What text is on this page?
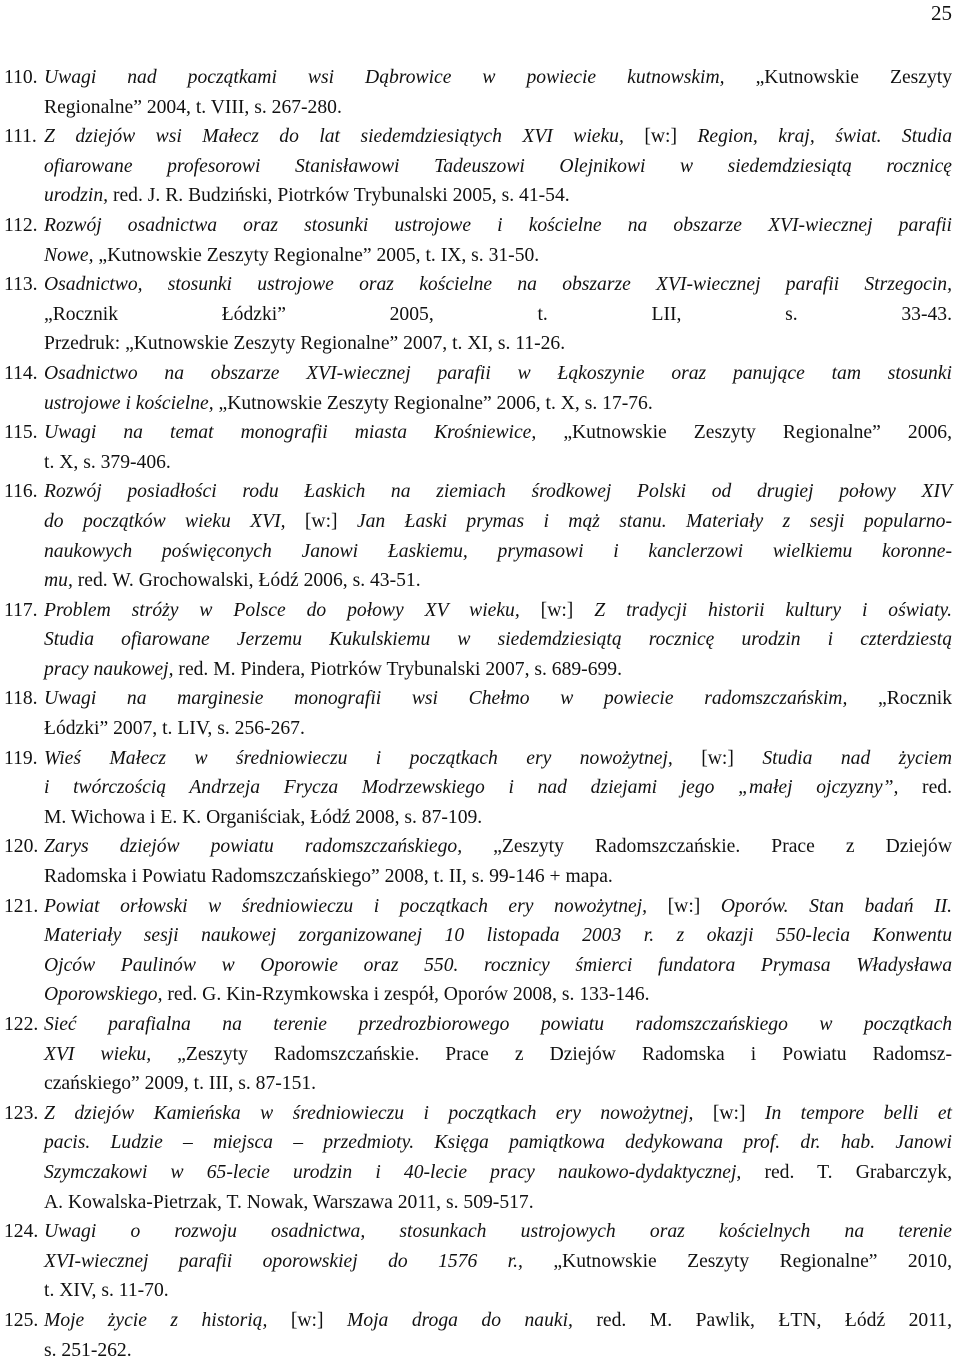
25
110. Uwagi nad początkami wsi Dąbrowice w powiecie kutnowskim, „Kutnowskie Zeszyty
Regionalne” 2004, t. VIII, s. 267-280.
111. Z dziejów wsi Małecz do lat siedemdziesiątych XVI wieku, [w:] Region, kraj, świat. Studia
ofiarowane profesorowi Stanisławowi Tadeuszowi Olejnikowi w siedemdziesiątą rocznicę
urodzin, red. J. R. Budziński, Piotrków Trybunalski 2005, s. 41-54.
112. Rozwój osadnictwa oraz stosunki ustrojowe i kościelne na obszarze XVI-wiecznej parafii
Nowe, „Kutnowskie Zeszyty Regionalne” 2005, t. IX, s. 31-50.
113. Osadnictwo, stosunki ustrojowe oraz kościelne na obszarze XVI-wiecznej parafii Strzegocin,
„Rocznik Łódzki” 2005, t. LII, s. 33-43.
Przedruk: „Kutnowskie Zeszyty Regionalne” 2007, t. XI, s. 11-26.
114. Osadnictwo na obszarze XVI-wiecznej parafii w Łąkoszynie oraz panujące tam stosunki
ustrojowe i kościelne, „Kutnowskie Zeszyty Regionalne” 2006, t. X, s. 17-76.
115. Uwagi na temat monografii miasta Krośniewice, „Kutnowskie Zeszyty Regionalne” 2006,
t. X, s. 379-406.
116. Rozwój posiadłości rodu Łaskich na ziemiach środkowej Polski od drugiej połowy XIV
do początków wieku XVI, [w:] Jan Łaski prymas i mąż stanu. Materiały z sesji popularno-
naukowych poświęconych Janowi Łaskiemu, prymasowi i kanclerzowi wielkiemu koronne-
mu, red. W. Grochowalski, Łódź 2006, s. 43-51.
117. Problem stróży w Polsce do połowy XV wieku, [w:] Z tradycji historii kultury i oświaty.
Studia ofiarowane Jerzemu Kukulskiemu w siedemdziesiątą rocznicę urodzin i czterdziestą
pracy naukowej, red. M. Pindera, Piotrków Trybunalski 2007, s. 689-699.
118. Uwagi na marginesie monografii wsi Chełmo w powiecie radomszczańskim, „Rocznik
Łódzki” 2007, t. LIV, s. 256-267.
119. Wieś Małecz w średniowieczu i początkach ery nowożytnej, [w:] Studia nad życiem
i twórczością Andrzeja Frycza Modrzewskiego i nad dziejami jego „małej ojczyzny”, red.
M. Wichowa i E. K. Organiściak, Łódź 2008, s. 87-109.
120. Zarys dziejów powiatu radomszczańskiego, „Zeszyty Radomszczańskie. Prace z Dziejów
Radomska i Powiatu Radomszczańskiego” 2008, t. II, s. 99-146 + mapa.
121. Powiat orłowski w średniowieczu i początkach ery nowożytnej, [w:] Oporów. Stan badań II.
Materiały sesji naukowej zorganizowanej 10 listopada 2003 r. z okazji 550-lecia Konwentu
Ojców Paulinów w Oporowie oraz 550. rocznicy śmierci fundatora Prymasa Władysława
Oporowskiego, red. G. Kin-Rzymkowska i zespół, Oporów 2008, s. 133-146.
122. Sieć parafialna na terenie przedrozbiorowego powiatu radomszczańskiego w początkach
XVI wieku, „Zeszyty Radomszczańskie. Prace z Dziejów Radomska i Powiatu Radomsz-
czańskiego” 2009, t. III, s. 87-151.
123. Z dziejów Kamieńska w średniowieczu i początkach ery nowożytnej, [w:] In tempore belli et
pacis. Ludzie – miejsca – przedmioty. Księga pamiątkowa dedykowana prof. dr. hab. Janowi
Szymczakowi w 65-lecie urodzin i 40-lecie pracy naukowo-dydaktycznej, red. T. Grabarczyk,
A. Kowalska-Pietrzak, T. Nowak, Warszawa 2011, s. 509-517.
124. Uwagi o rozwoju osadnictwa, stosunkach ustrojowych oraz kościelnych na terenie
XVI-wiecznej parafii oporowskiej do 1576 r., „Kutnowskie Zeszyty Regionalne” 2010,
t. XIV, s. 11-70.
125. Moje życie z historią, [w:] Moja droga do nauki, red. M. Pawlik, ŁTN, Łódź 2011,
s. 251-262.
